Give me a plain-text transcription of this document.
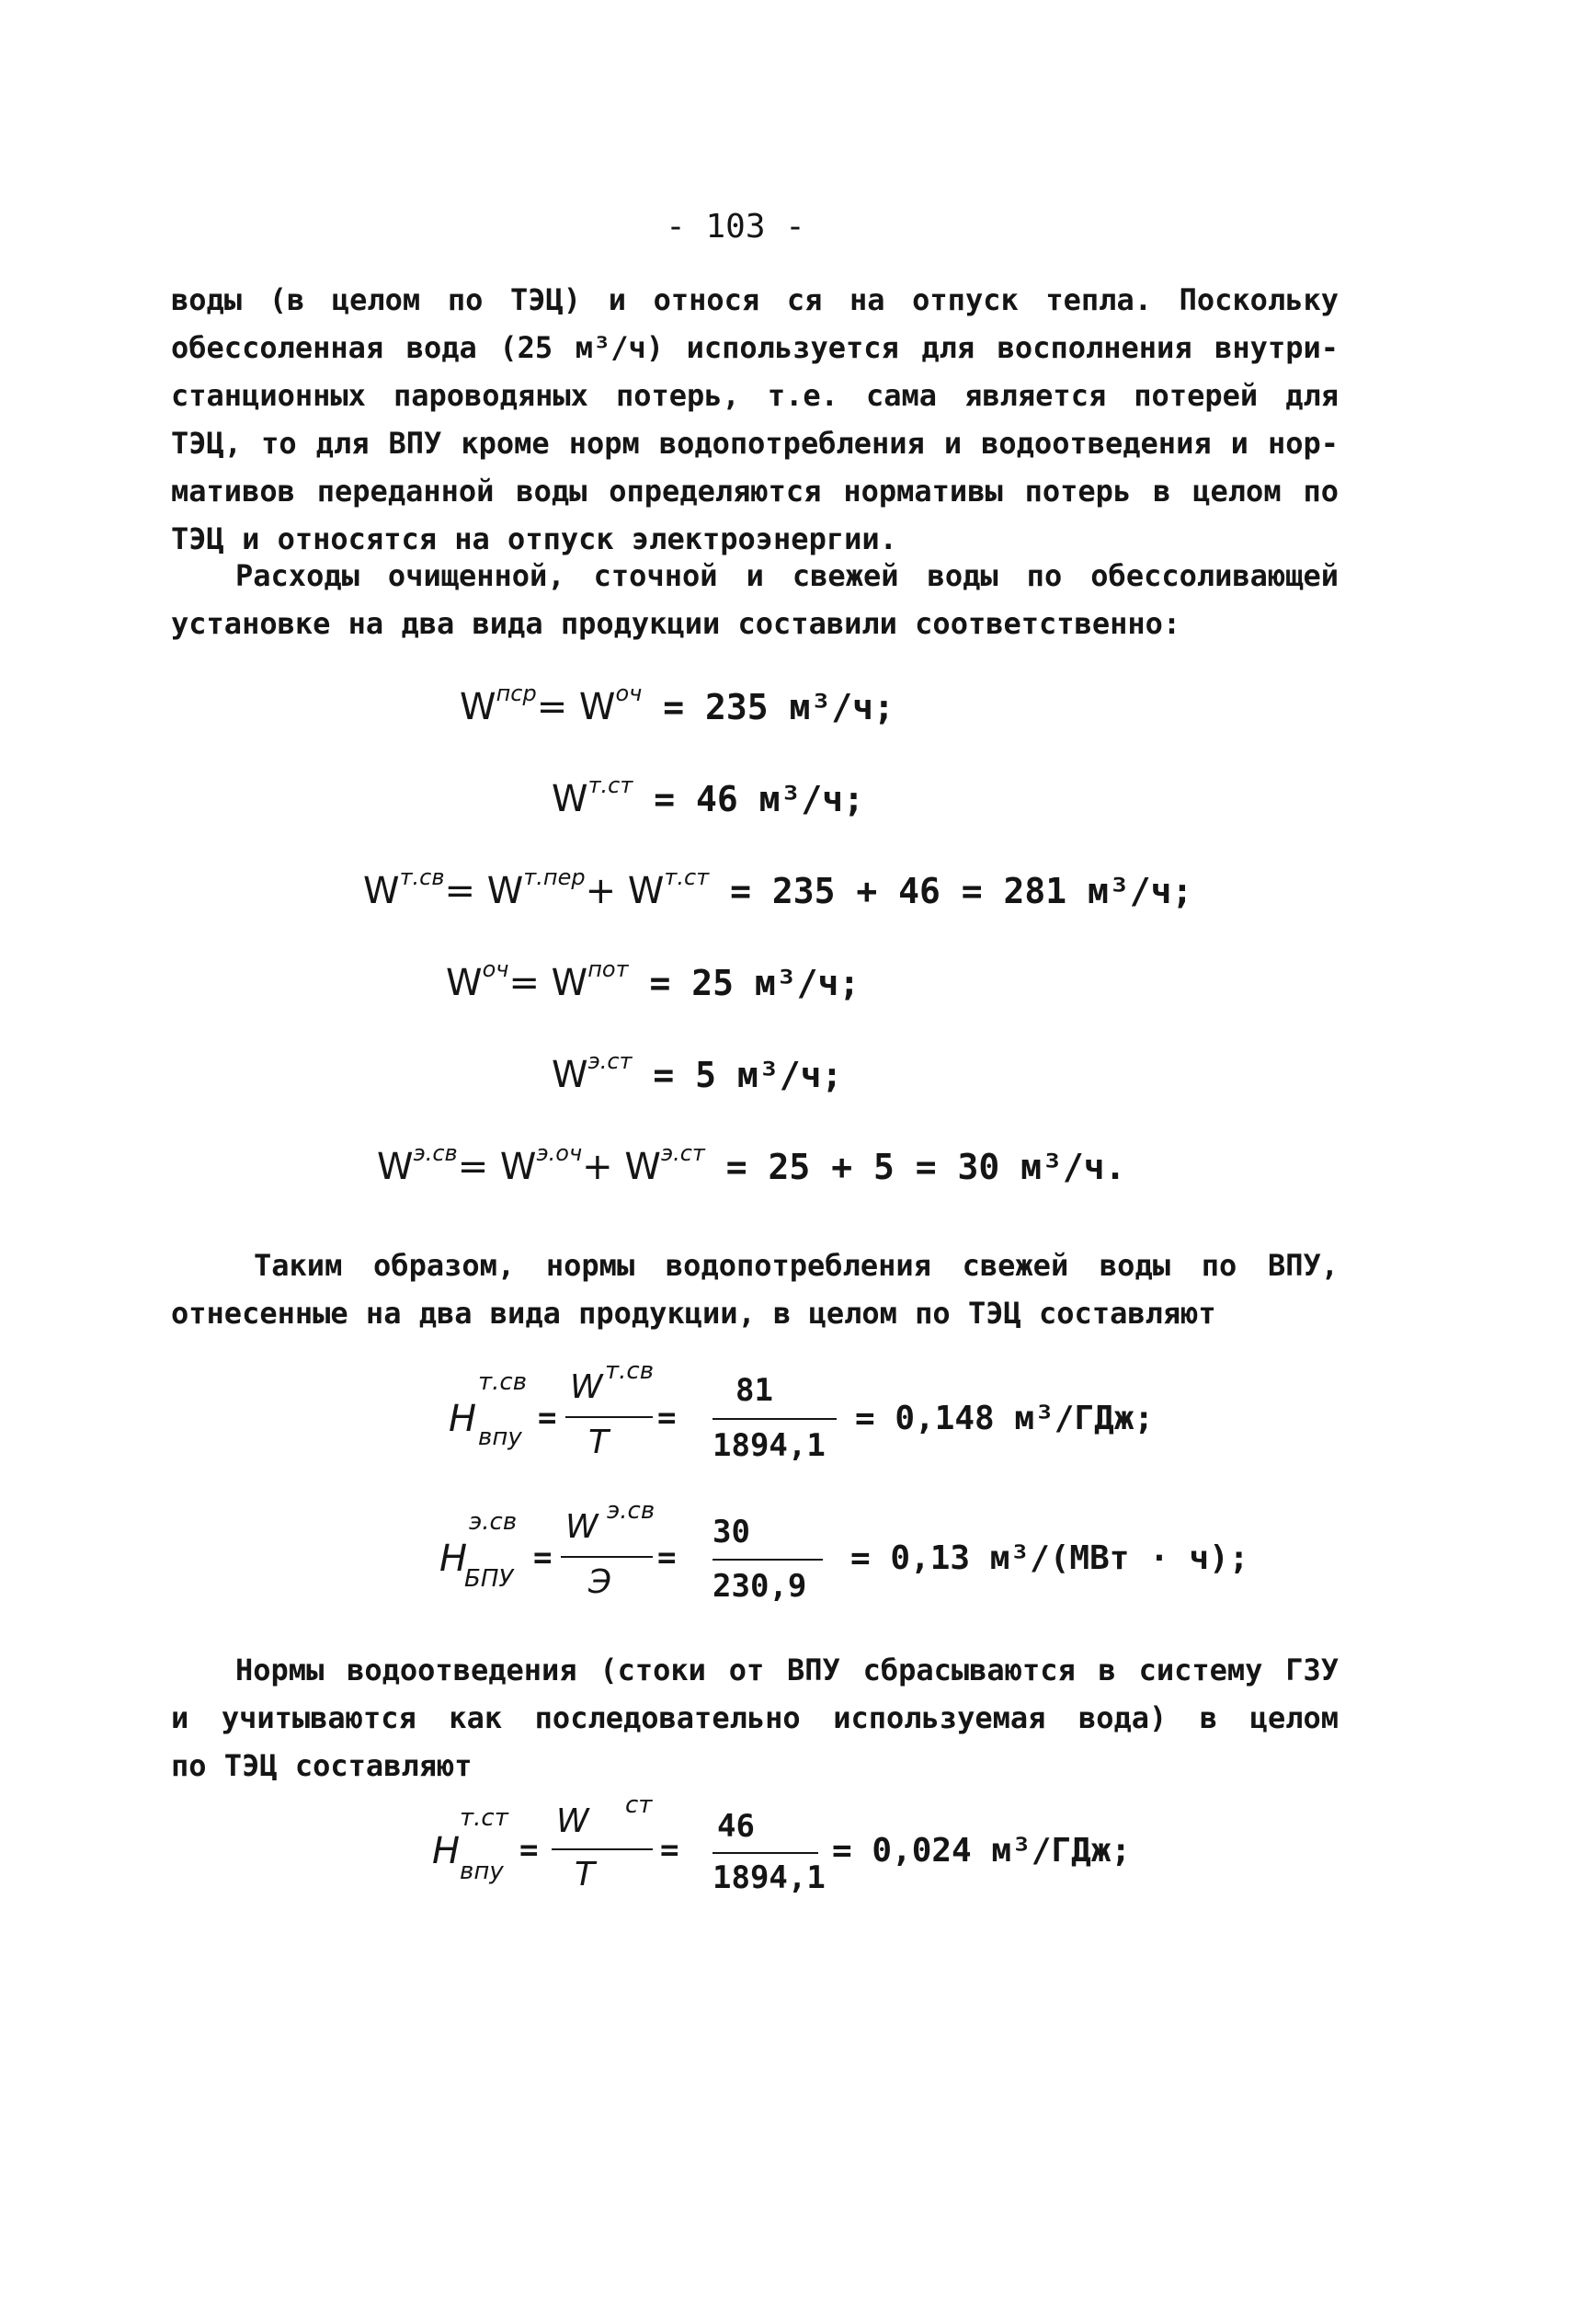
- 103 -
воды (в целом по ТЭЦ) и относя ся на отпуск тепла. Поскольку
обессоленная вода (25 м³/ч) используется для восполнения внутри-
станционных пароводяных потерь, т.е. сама является потерей для
ТЭЦ, то для ВПУ кроме норм водопотребления и водоотведения и нор-
мативов переданной воды определяются нормативы потерь в целом по
ТЭЦ и относятся на отпуск электроэнергии.
Расходы очищенной, сточной и свежей воды по обессоливающей
установке на два вида продукции составили соответственно:
$W^{пср}= W^{оч} = 235$ м³/ч;
$W^{т.ст} = 46$ м³/ч;
$W^{т.св}= W^{т.пер}+ W^{т.ст} = 235 + 46 = 281$ м³/ч;
$W^{оч}= W^{пот} = 25$ м³/ч;
$W^{э.ст} = 5$ м³/ч;
$W^{э.св}= W^{э.оч}+ W^{э.ст} = 25 + 5 = 30$ м³/ч.
Таким образом, нормы водопотребления свежей воды по ВПУ,
отнесенные на два вида продукции, в целом по ТЭЦ составляют
H
т.св
впу
=
W т.св
Т
=
81
1894,1
= 0,148 м³/ГДж;
H
э.св
БПУ
=
W э.св
Э
=
30
230,9
= 0,13 м³/(МВт · ч);
Нормы водоотведения (стоки от ВПУ сбрасываются в систему ГЗУ
и учитываются как последовательно используемая вода) в целом
по ТЭЦ составляют
H
т.ст
впу
=
W ст
Т
=
46
1894,1
= 0,024 м³/ГДж;
